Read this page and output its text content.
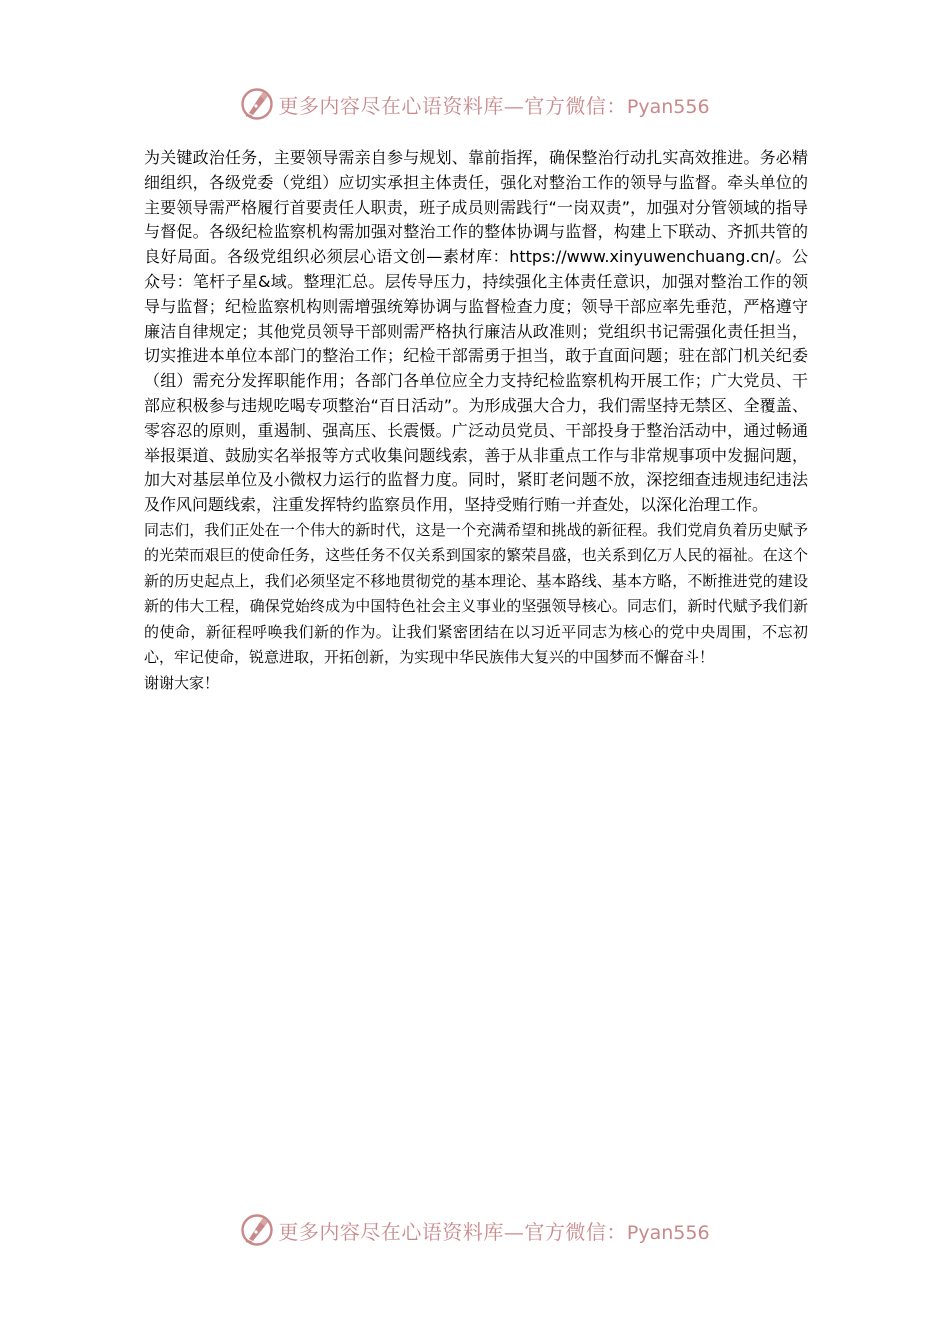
更多内容尽在心语资料库—官方微信：Pyan556

为关键政治任务，主要领导需亲自参与规划、靠前指挥，确保整治行动扎实高效推进。务必精细组织，各级党委（党组）应切实承担主体责任，强化对整治工作的领导与监督。牵头单位的主要领导需严格履行首要责任人职责，班子成员则需践行“一岗双责”，加强对分管领域的指导与督促。各级纪检监察机构需加强对整治工作的整体协调与监督，构建上下联动、齐抓共管的良好局面。各级党组织必须层心语文创—素材库：https://www.xinyuwenchuang.cn/。公众号：笔杆子星&域。整理汇总。层传导压力，持续强化主体责任意识，加强对整治工作的领导与监督；纪检监察机构则需增强统筹协调与监督检查力度；领导干部应率先垂范，严格遵守廉洁自律规定；其他党员领导干部则需严格执行廉洁从政准则；党组织书记需强化责任担当，切实推进本单位本部门的整治工作；纪检干部需勇于担当，敢于直面问题；驻在部门机关纪委（组）需充分发挥职能作用；各部门各单位应全力支持纪检监察机构开展工作；广大党员、干部应积极参与违规吃喝专项整治“百日活动”。为形成强大合力，我们需坚持无禁区、全覆盖、零容忍的原则，重遏制、强高压、长震慑。广泛动员党员、干部投身于整治活动中，通过畅通举报渠道、鼓励实名举报等方式收集问题线索，善于从非重点工作与非常规事项中发掘问题，加大对基层单位及小微权力运行的监督力度。同时，紧盯老问题不放，深挖细查违规违纪违法及作风问题线索，注重发挥特约监察员作用，坚持受贿行贿一并查处，以深化治理工作。

同志们，我们正处在一个伟大的新时代，这是一个充满希望和挑战的新征程。我们党肩负着历史赋予的光荣而艰巨的使命任务，这些任务不仅关系到国家的繁荣昌盛，也关系到亿万人民的福祉。在这个新的历史起点上，我们必须坚定不移地贯彻党的基本理论、基本路线、基本方略，不断推进党的建设新的伟大工程，确保党始终成为中国特色社会主义事业的坚强领导核心。同志们，新时代赋予我们新的使命，新征程呼唤我们新的作为。让我们紧密团结在以习近平同志为核心的党中央周围，不忘初心，牢记使命，锐意进取，开拓创新，为实现中华民族伟大复兴的中国梦而不懈奋斗！

谢谢大家！

更多内容尽在心语资料库—官方微信：Pyan556
